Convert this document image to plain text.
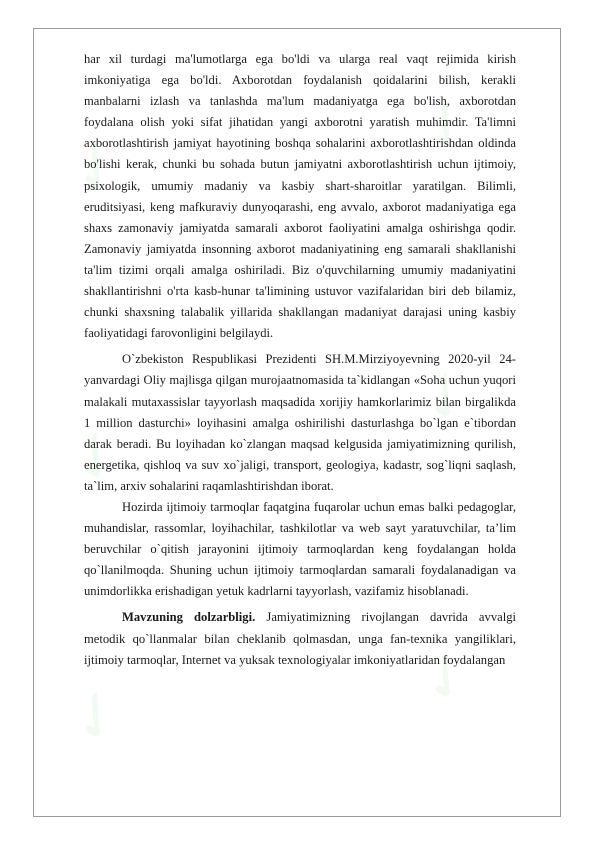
✓	✓
✓
✓
✓	✓

har xil turdagi ma'lumotlarga ega bo'ldi va ularga real vaqt rejimida kirish imkoniyatiga ega bo'ldi. Axborotdan foydalanish qoidalarini bilish, kerakli manbalarni izlash va tanlashda ma'lum madaniyatga ega bo'lish, axborotdan foydalana olish yoki sifat jihatidan yangi axborotni yaratish muhimdir. Ta'limni axborotlashtirish jamiyat hayotining boshqa sohalarini axborotlashtirishdan oldinda bo'lishi kerak, chunki bu sohada butun jamiyatni axborotlashtirish uchun ijtimoiy, psixologik, umumiy madaniy va kasbiy shart-sharoitlar yaratilgan. Bilimli, eruditsiyasi, keng mafkuraviy dunyoqarashi, eng avvalo, axborot madaniyatiga ega shaxs zamonaviy jamiyatda samarali axborot faoliyatini amalga oshirishga qodir. Zamonaviy jamiyatda insonning axborot madaniyatining eng samarali shakllanishi ta'lim tizimi orqali amalga oshiriladi. Biz o'quvchilarning umumiy madaniyatini shakllantirishni o'rta kasb-hunar ta'limining ustuvor vazifalaridan biri deb bilamiz, chunki shaxsning talabalik yillarida shakllangan madaniyat darajasi uning kasbiy faoliyatidagi farovonligini belgilaydi.

O`zbekiston Respublikasi Prezidenti SH.M.Mirziyoyevning 2020-yil 24-yanvardagi Oliy majlisga qilgan murojaatnomasida ta`kidlangan «Soha uchun yuqori malakali mutaxassislar tayyorlash maqsadida xorijiy hamkorlarimiz bilan birgalikda 1 million dasturchi» loyihasini amalga oshirilishi dasturlashga bo`lgan e`tibordan darak beradi. Bu loyihadan ko`zlangan maqsad kelgusida jamiyatimizning qurilish, energetika, qishloq va suv xo`jaligi, transport, geologiya, kadastr, sog`liqni saqlash, ta`lim, arxiv sohalarini raqamlashtirishdan iborat.

Hozirda ijtimoiy tarmoqlar faqatgina fuqarolar uchun emas balki pedagoglar, muhandislar, rassomlar, loyihachilar, tashkilotlar va web sayt yaratuvchilar, ta’lim beruvchilar o`qitish jarayonini ijtimoiy tarmoqlardan keng foydalangan holda qo`llanilmoqda. Shuning uchun ijtimoiy tarmoqlardan samarali foydalanadigan va unimdorlikka erishadigan yetuk kadrlarni tayyorlash, vazifamiz hisoblanadi.

Mavzuning dolzarbligi. Jamiyatimizning rivojlangan davrida avvalgi metodik qo`llanmalar bilan cheklanib qolmasdan, unga fan-texnika yangiliklari, ijtimoiy tarmoqlar, Internet va yuksak texnologiyalar imkoniyatlaridan foydalangan
